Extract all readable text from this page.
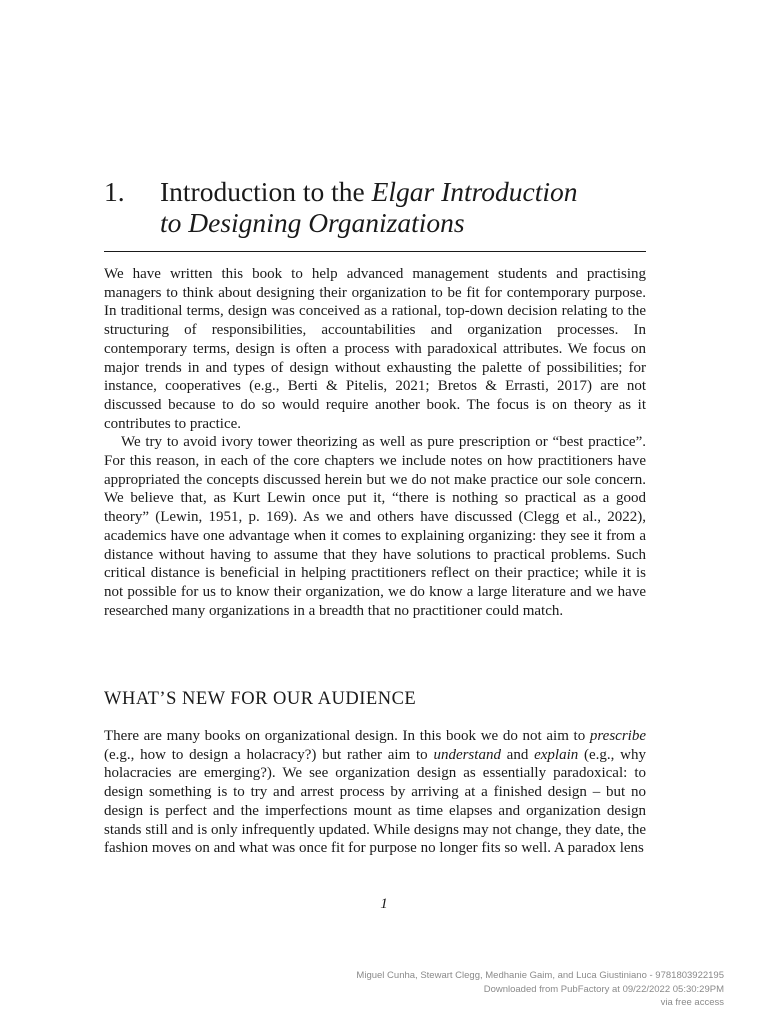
1.	Introduction to the Elgar Introduction
to Designing Organizations

We have written this book to help advanced management students and practising managers to think about designing their organization to be fit for contemporary purpose. In traditional terms, design was conceived as a rational, top-down decision relating to the structuring of responsibilities, accountabilities and organization processes. In contemporary terms, design is often a process with paradoxical attributes. We focus on major trends in and types of design without exhausting the palette of possibilities; for instance, cooperatives (e.g., Berti & Pitelis, 2021; Bretos & Errasti, 2017) are not discussed because to do so would require another book. The focus is on theory as it contributes to practice.

We try to avoid ivory tower theorizing as well as pure prescription or “best practice”. For this reason, in each of the core chapters we include notes on how practitioners have appropriated the concepts discussed herein but we do not make practice our sole concern. We believe that, as Kurt Lewin once put it, “there is nothing so practical as a good theory” (Lewin, 1951, p. 169). As we and others have discussed (Clegg et al., 2022), academics have one advantage when it comes to explaining organizing: they see it from a distance without having to assume that they have solutions to practical problems. Such critical distance is beneficial in helping practitioners reflect on their practice; while it is not possible for us to know their organization, we do know a large literature and we have researched many organizations in a breadth that no practitioner could match.

WHAT’S NEW FOR OUR AUDIENCE

There are many books on organizational design. In this book we do not aim to prescribe (e.g., how to design a holacracy?) but rather aim to understand and explain (e.g., why holacracies are emerging?). We see organization design as essentially paradoxical: to design something is to try and arrest process by arriving at a finished design – but no design is perfect and the imperfections mount as time elapses and organization design stands still and is only infrequently updated. While designs may not change, they date, the fashion moves on and what was once fit for purpose no longer fits so well. A paradox lens

1
Miguel Cunha, Stewart Clegg, Medhanie Gaim, and Luca Giustiniano - 9781803922195
Downloaded from PubFactory at 09/22/2022 05:30:29PM
via free access
